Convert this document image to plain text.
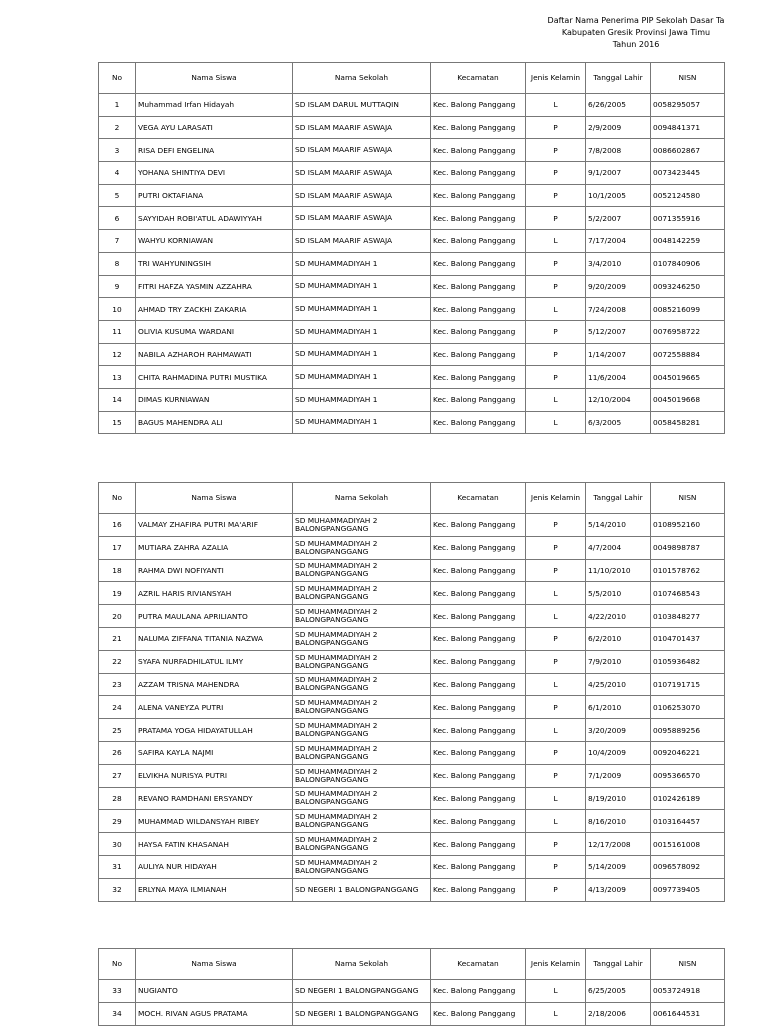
Daftar Nama Penerima PIP Sekolah Dasar Ta
Kabupaten Gresik Provinsi Jawa Timu
Tahun 2016
No	Nama Siswa	Nama Sekolah	Kecamatan	Jenis Kelamin	Tanggal Lahir	NISN
1	Muhammad Irfan Hidayah	SD ISLAM DARUL MUTTAQIN	Kec. Balong Panggang	L	6/26/2005	0058295057
2	VEGA AYU LARASATI	SD ISLAM MAARIF ASWAJA	Kec. Balong Panggang	P	2/9/2009	0094841371
3	RISA DEFI ENGELINA	SD ISLAM MAARIF ASWAJA	Kec. Balong Panggang	P	7/8/2008	0086602867
4	YOHANA SHINTIYA DEVI	SD ISLAM MAARIF ASWAJA	Kec. Balong Panggang	P	9/1/2007	0073423445
5	PUTRI OKTAFIANA	SD ISLAM MAARIF ASWAJA	Kec. Balong Panggang	P	10/1/2005	0052124580
6	SAYYIDAH ROBI'ATUL ADAWIYYAH	SD ISLAM MAARIF ASWAJA	Kec. Balong Panggang	P	5/2/2007	0071355916
7	WAHYU KORNIAWAN	SD ISLAM MAARIF ASWAJA	Kec. Balong Panggang	L	7/17/2004	0048142259
8	TRI WAHYUNINGSIH	SD MUHAMMADIYAH 1	Kec. Balong Panggang	P	3/4/2010	0107840906
9	FITRI HAFZA YASMIN AZZAHRA	SD MUHAMMADIYAH 1	Kec. Balong Panggang	P	9/20/2009	0093246250
10	AHMAD TRY ZACKHI ZAKARIA	SD MUHAMMADIYAH 1	Kec. Balong Panggang	L	7/24/2008	0085216099
11	OLIVIA KUSUMA WARDANI	SD MUHAMMADIYAH 1	Kec. Balong Panggang	P	5/12/2007	0076958722
12	NABILA AZHAROH RAHMAWATI	SD MUHAMMADIYAH 1	Kec. Balong Panggang	P	1/14/2007	0072558884
13	CHITA RAHMADINA PUTRI MUSTIKA	SD MUHAMMADIYAH 1	Kec. Balong Panggang	P	11/6/2004	0045019665
14	DIMAS KURNIAWAN	SD MUHAMMADIYAH 1	Kec. Balong Panggang	L	12/10/2004	0045019668
15	BAGUS MAHENDRA ALI	SD MUHAMMADIYAH 1	Kec. Balong Panggang	L	6/3/2005	0058458281
No	Nama Siswa	Nama Sekolah	Kecamatan	Jenis Kelamin	Tanggal Lahir	NISN
16	VALMAY ZHAFIRA PUTRI MA'ARIF	SD MUHAMMADIYAH 2 BALONGPANGGANG	Kec. Balong Panggang	P	5/14/2010	0108952160
17	MUTIARA ZAHRA AZALIA	SD MUHAMMADIYAH 2 BALONGPANGGANG	Kec. Balong Panggang	P	4/7/2004	0049898787
18	RAHMA DWI NOFIYANTI	SD MUHAMMADIYAH 2 BALONGPANGGANG	Kec. Balong Panggang	P	11/10/2010	0101578762
19	AZRIL HARIS RIVIANSYAH	SD MUHAMMADIYAH 2 BALONGPANGGANG	Kec. Balong Panggang	L	5/5/2010	0107468543
20	PUTRA MAULANA APRILIANTO	SD MUHAMMADIYAH 2 BALONGPANGGANG	Kec. Balong Panggang	L	4/22/2010	0103848277
21	NALUMA ZIFFANA TITANIA NAZWA	SD MUHAMMADIYAH 2 BALONGPANGGANG	Kec. Balong Panggang	P	6/2/2010	0104701437
22	SYAFA NURFADHILATUL ILMY	SD MUHAMMADIYAH 2 BALONGPANGGANG	Kec. Balong Panggang	P	7/9/2010	0105936482
23	AZZAM TRISNA MAHENDRA	SD MUHAMMADIYAH 2 BALONGPANGGANG	Kec. Balong Panggang	L	4/25/2010	0107191715
24	ALENA VANEYZA PUTRI	SD MUHAMMADIYAH 2 BALONGPANGGANG	Kec. Balong Panggang	P	6/1/2010	0106253070
25	PRATAMA YOGA HIDAYATULLAH	SD MUHAMMADIYAH 2 BALONGPANGGANG	Kec. Balong Panggang	L	3/20/2009	0095889256
26	SAFIRA KAYLA NAJMI	SD MUHAMMADIYAH 2 BALONGPANGGANG	Kec. Balong Panggang	P	10/4/2009	0092046221
27	ELVIKHA NURISYA PUTRI	SD MUHAMMADIYAH 2 BALONGPANGGANG	Kec. Balong Panggang	P	7/1/2009	0095366570
28	REVANO RAMDHANI ERSYANDY	SD MUHAMMADIYAH 2 BALONGPANGGANG	Kec. Balong Panggang	L	8/19/2010	0102426189
29	MUHAMMAD WILDANSYAH RIBEY	SD MUHAMMADIYAH 2 BALONGPANGGANG	Kec. Balong Panggang	L	8/16/2010	0103164457
30	HAYSA FATIN KHASANAH	SD MUHAMMADIYAH 2 BALONGPANGGANG	Kec. Balong Panggang	P	12/17/2008	0015161008
31	AULIYA NUR HIDAYAH	SD MUHAMMADIYAH 2 BALONGPANGGANG	Kec. Balong Panggang	P	5/14/2009	0096578092
32	ERLYNA MAYA ILMIANAH	SD NEGERI 1 BALONGPANGGANG	Kec. Balong Panggang	P	4/13/2009	0097739405
No	Nama Siswa	Nama Sekolah	Kecamatan	Jenis Kelamin	Tanggal Lahir	NISN
33	NUGIANTO	SD NEGERI 1 BALONGPANGGANG	Kec. Balong Panggang	L	6/25/2005	0053724918
34	MOCH. RIVAN AGUS PRATAMA	SD NEGERI 1 BALONGPANGGANG	Kec. Balong Panggang	L	2/18/2006	0061644531
